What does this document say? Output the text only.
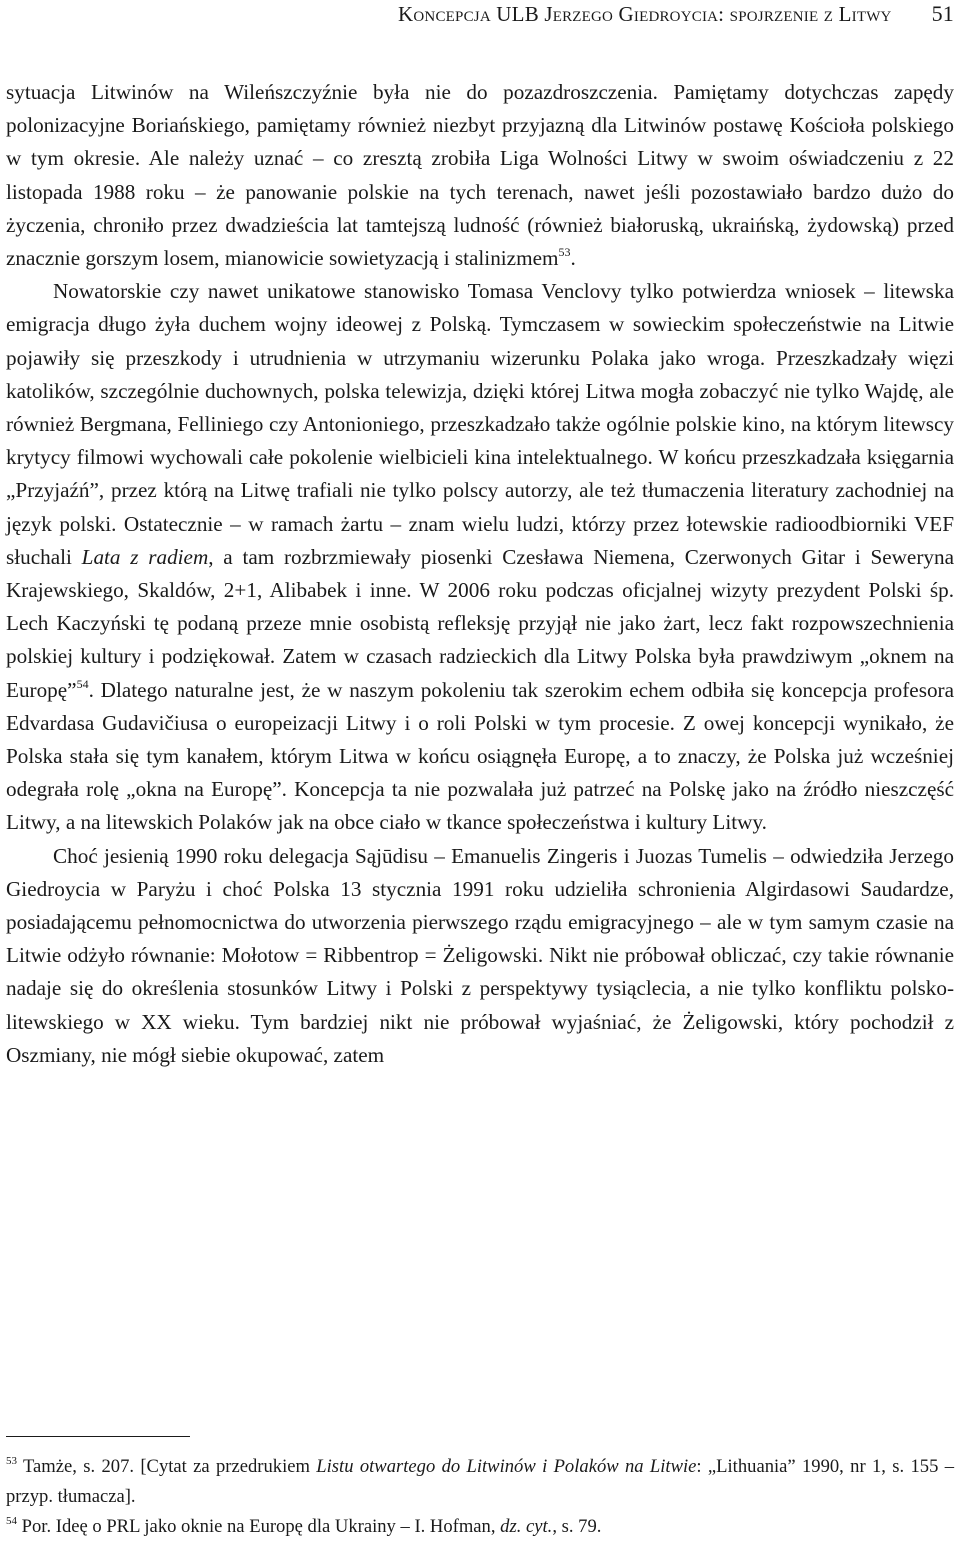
Koncepcja ULB Jerzego Giedroycia: spojrzenie z Litwy 51

sytuacja Litwinów na Wileńszczyźnie była nie do pozazdroszczenia. Pamiętamy dotychczas zapędy polonizacyjne Boriańskiego, pamiętamy również niezbyt przyjazną dla Litwinów postawę Kościoła polskiego w tym okresie. Ale należy uznać – co zresztą zrobiła Liga Wolności Litwy w swoim oświadczeniu z 22 listopada 1988 roku – że panowanie polskie na tych terenach, nawet jeśli pozostawiało bardzo dużo do życzenia, chroniło przez dwadzieścia lat tamtejszą ludność (również białoruską, ukraińską, żydowską) przed znacznie gorszym losem, mianowicie sowietyzacją i stalinizmem$^{53}$.

Nowatorskie czy nawet unikatowe stanowisko Tomasa Venclovy tylko potwierdza wniosek – litewska emigracja długo żyła duchem wojny ideowej z Polską. Tymczasem w sowieckim społeczeństwie na Litwie pojawiły się przeszkody i utrudnienia w utrzymaniu wizerunku Polaka jako wroga. Przeszkadzały więzi katolików, szczególnie duchownych, polska telewizja, dzięki której Litwa mogła zobaczyć nie tylko Wajdę, ale również Bergmana, Felliniego czy Antonioniego, przeszkadzało także ogólnie polskie kino, na którym litewscy krytycy filmowi wychowali całe pokolenie wielbicieli kina intelektualnego. W końcu przeszkadzała księgarnia „Przyjaźń”, przez którą na Litwę trafiali nie tylko polscy autorzy, ale też tłumaczenia literatury zachodniej na język polski. Ostatecznie – w ramach żartu – znam wielu ludzi, którzy przez łotewskie radioodbiorniki VEF słuchali Lata z radiem, a tam rozbrzmiewały piosenki Czesława Niemena, Czerwonych Gitar i Seweryna Krajewskiego, Skaldów, 2+1, Alibabek i inne. W 2006 roku podczas oficjalnej wizyty prezydent Polski śp. Lech Kaczyński tę podaną przeze mnie osobistą refleksję przyjął nie jako żart, lecz fakt rozpowszechnienia polskiej kultury i podziękował. Zatem w czasach radzieckich dla Litwy Polska była prawdziwym „oknem na Europę”$^{54}$. Dlatego naturalne jest, że w naszym pokoleniu tak szerokim echem odbiła się koncepcja profesora Edvardasa Gudavičiusa o europeizacji Litwy i o roli Polski w tym procesie. Z owej koncepcji wynikało, że Polska stała się tym kanałem, którym Litwa w końcu osiągnęła Europę, a to znaczy, że Polska już wcześniej odegrała rolę „okna na Europę”. Koncepcja ta nie pozwalała już patrzeć na Polskę jako na źródło nieszczęść Litwy, a na litewskich Polaków jak na obce ciało w tkance społeczeństwa i kultury Litwy.

Choć jesienią 1990 roku delegacja Sąjūdisu – Emanuelis Zingeris i Juozas Tumelis – odwiedziła Jerzego Giedroycia w Paryżu i choć Polska 13 stycznia 1991 roku udzieliła schronienia Algirdasowi Saudardze, posiadającemu pełnomocnictwa do utworzenia pierwszego rządu emigracyjnego – ale w tym samym czasie na Litwie odżyło równanie: Mołotow = Ribbentrop = Żeligowski. Nikt nie próbował obliczać, czy takie równanie nadaje się do określenia stosunków Litwy i Polski z perspektywy tysiąclecia, a nie tylko konfliktu polsko-litewskiego w XX wieku. Tym bardziej nikt nie próbował wyjaśniać, że Żeligowski, który pochodził z Oszmiany, nie mógł siebie okupować, zatem

$^{53}$ Tamże, s. 207. [Cytat za przedrukiem Listu otwartego do Litwinów i Polaków na Litwie: „Lithuania” 1990, nr 1, s. 155 – przyp. tłumacza].

$^{54}$ Por. Ideę o PRL jako oknie na Europę dla Ukrainy – I. Hofman, dz. cyt., s. 79.
